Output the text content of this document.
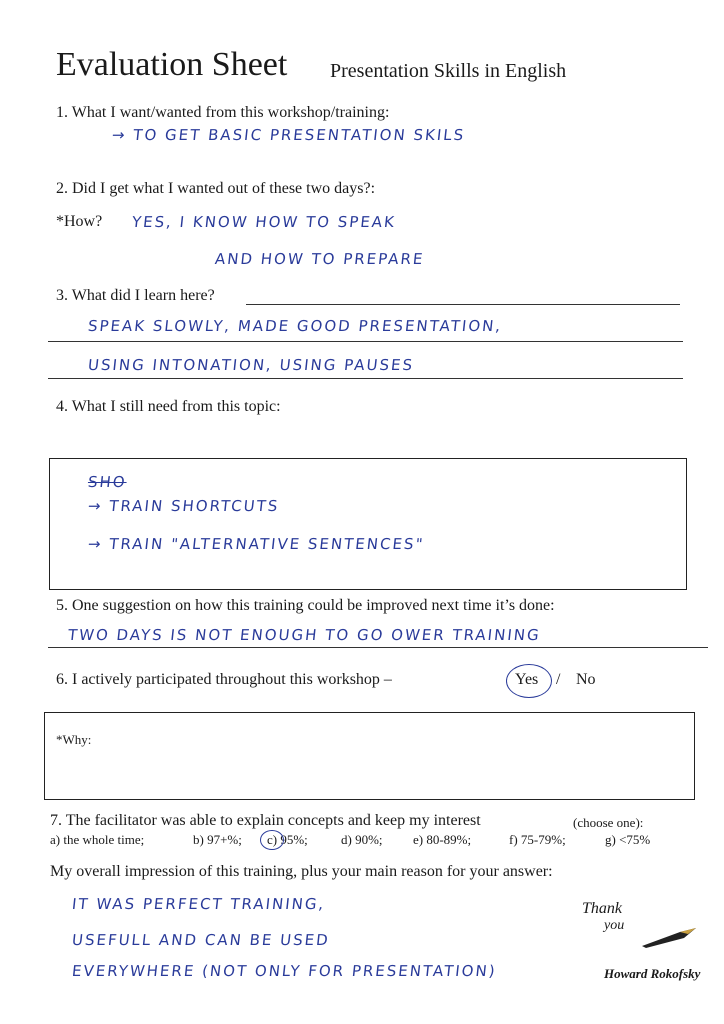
Evaluation Sheet Presentation Skills in English
1. What I want/wanted from this workshop/training:
→ TO GET BASIC PRESENTATION SKILS
2. Did I get what I wanted out of these two days?:
*How? YES, I KNOW HOW TO SPEAK
AND HOW TO PREPARE
3. What did I learn here?
SPEAK SLOWLY, MADE GOOD PRESENTATION,
USING INTONATION, USING PAUSES
4. What I still need from this topic:
SHO
→ TRAIN SHORTCUTS
→ TRAIN "ALTERNATIVE SENTENCES"
5. One suggestion on how this training could be improved next time it’s done:
TWO DAYS IS NOT ENOUGH TO GO OWER TRAINING
6. I actively participated throughout this workshop –	Yes / No
*Why:
7. The facilitator was able to explain concepts and keep my interest	(choose one):
a) the whole time;	b) 97+%; c) 95%;	d) 90%; e) 80-89%;	f) 75-79%;	g) <75%
My overall impression of this training, plus your main reason for your answer:
IT WAS PERFECT TRAINING,
USEFULL AND CAN BE USED
EVERYWHERE (NOT ONLY FOR PRESENTATION)
Thank
you
Howard Rokofsky
